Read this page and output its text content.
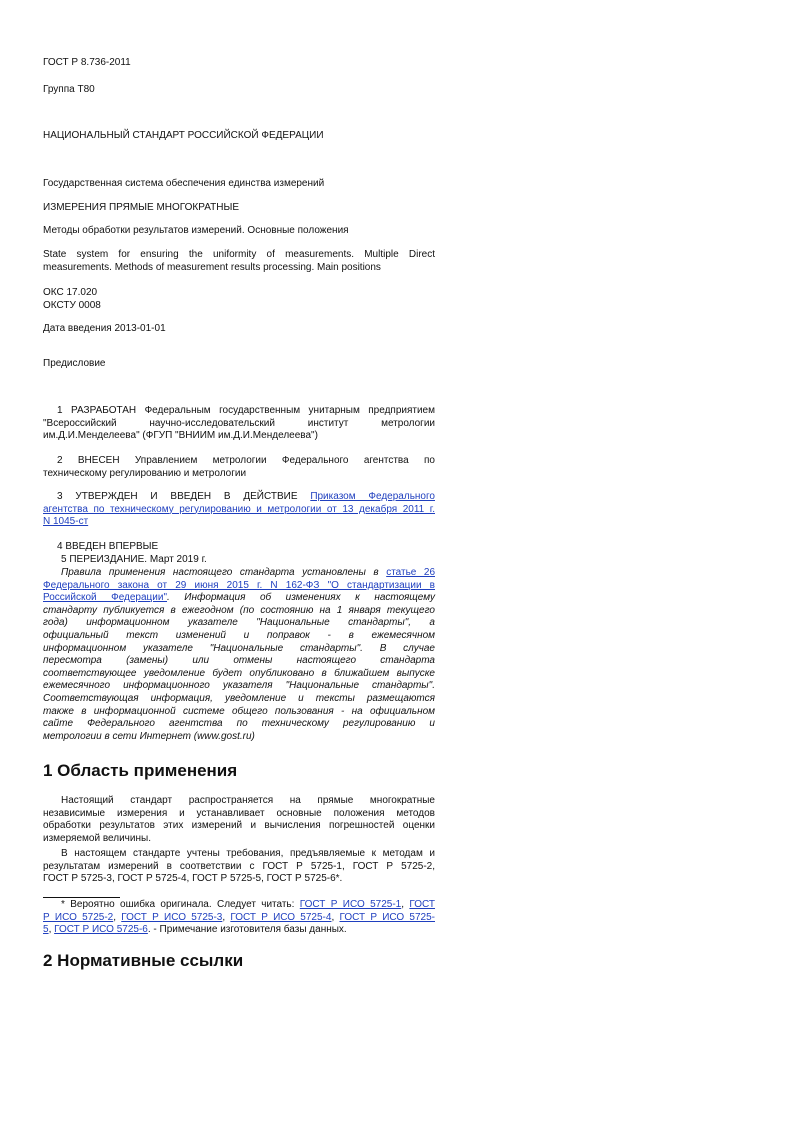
ГОСТ Р 8.736-2011

Группа Т80

НАЦИОНАЛЬНЫЙ СТАНДАРТ РОССИЙСКОЙ ФЕДЕРАЦИИ

Государственная система обеспечения единства измерений

ИЗМЕРЕНИЯ ПРЯМЫЕ МНОГОКРАТНЫЕ

Методы обработки результатов измерений. Основные положения

State system for ensuring the uniformity of measurements. Multiple Direct
measurements. Methods of measurement results processing. Main positions
ОКС 17.020
ОКСТУ 0008

Дата введения 2013-01-01

Предисловие

1 РАЗРАБОТАН Федеральным государственным унитарным предприятием
"Всероссийский научно-исследовательский институт метрологии
им.Д.И.Менделеева" (ФГУП "ВНИИМ им.Д.И.Менделеева")
2 ВНЕСЕН Управлением метрологии Федерального агентства по
техническому регулированию и метрологии
3 УТВЕРЖДЕН И ВВЕДЕН В ДЕЙСТВИЕ Приказом Федерального
агентства по техническому регулированию и метрологии от 13 декабря 2011 г.
N 1045-ст
4 ВВЕДЕН ВПЕРВЫЕ
5 ПЕРЕИЗДАНИЕ. Март 2019 г.
Правила применения настоящего стандарта установлены в статье 26
Федерального закона от 29 июня 2015 г. N 162-ФЗ "О стандартизации в
Российской Федерации". Информация об изменениях к настоящему
стандарту публикуется в ежегодном (по состоянию на 1 января текущего
года) информационном указателе "Национальные стандарты", а
официальный текст изменений и поправок - в ежемесячном
информационном указателе "Национальные стандарты". В случае
пересмотра (замены) или отмены настоящего стандарта
соответствующее уведомление будет опубликовано в ближайшем выпуске
ежемесячного информационного указателя "Национальные стандарты".
Соответствующая информация, уведомление и тексты размещаются
также в информационной системе общего пользования - на официальном
сайте Федерального агентства по техническому регулированию и
метрологии в сети Интернет (www.gost.ru)
1 Область применения
Настоящий стандарт распространяется на прямые многократные
независимые измерения и устанавливает основные положения методов
обработки результатов этих измерений и вычисления погрешностей оценки
измеряемой величины.
В настоящем стандарте учтены требования, предъявляемые к методам и
результатам измерений в соответствии с ГОСТ Р 5725-1, ГОСТ Р 5725-2,
ГОСТ Р 5725-3, ГОСТ Р 5725-4, ГОСТ Р 5725-5, ГОСТ Р 5725-6*.
* Вероятно ошибка оригинала. Следует читать: ГОСТ Р ИСО 5725-1, ГОСТ
Р ИСО 5725-2, ГОСТ Р ИСО 5725-3, ГОСТ Р ИСО 5725-4, ГОСТ Р ИСО 5725-
5, ГОСТ Р ИСО 5725-6. - Примечание изготовителя базы данных.
2 Нормативные ссылки
